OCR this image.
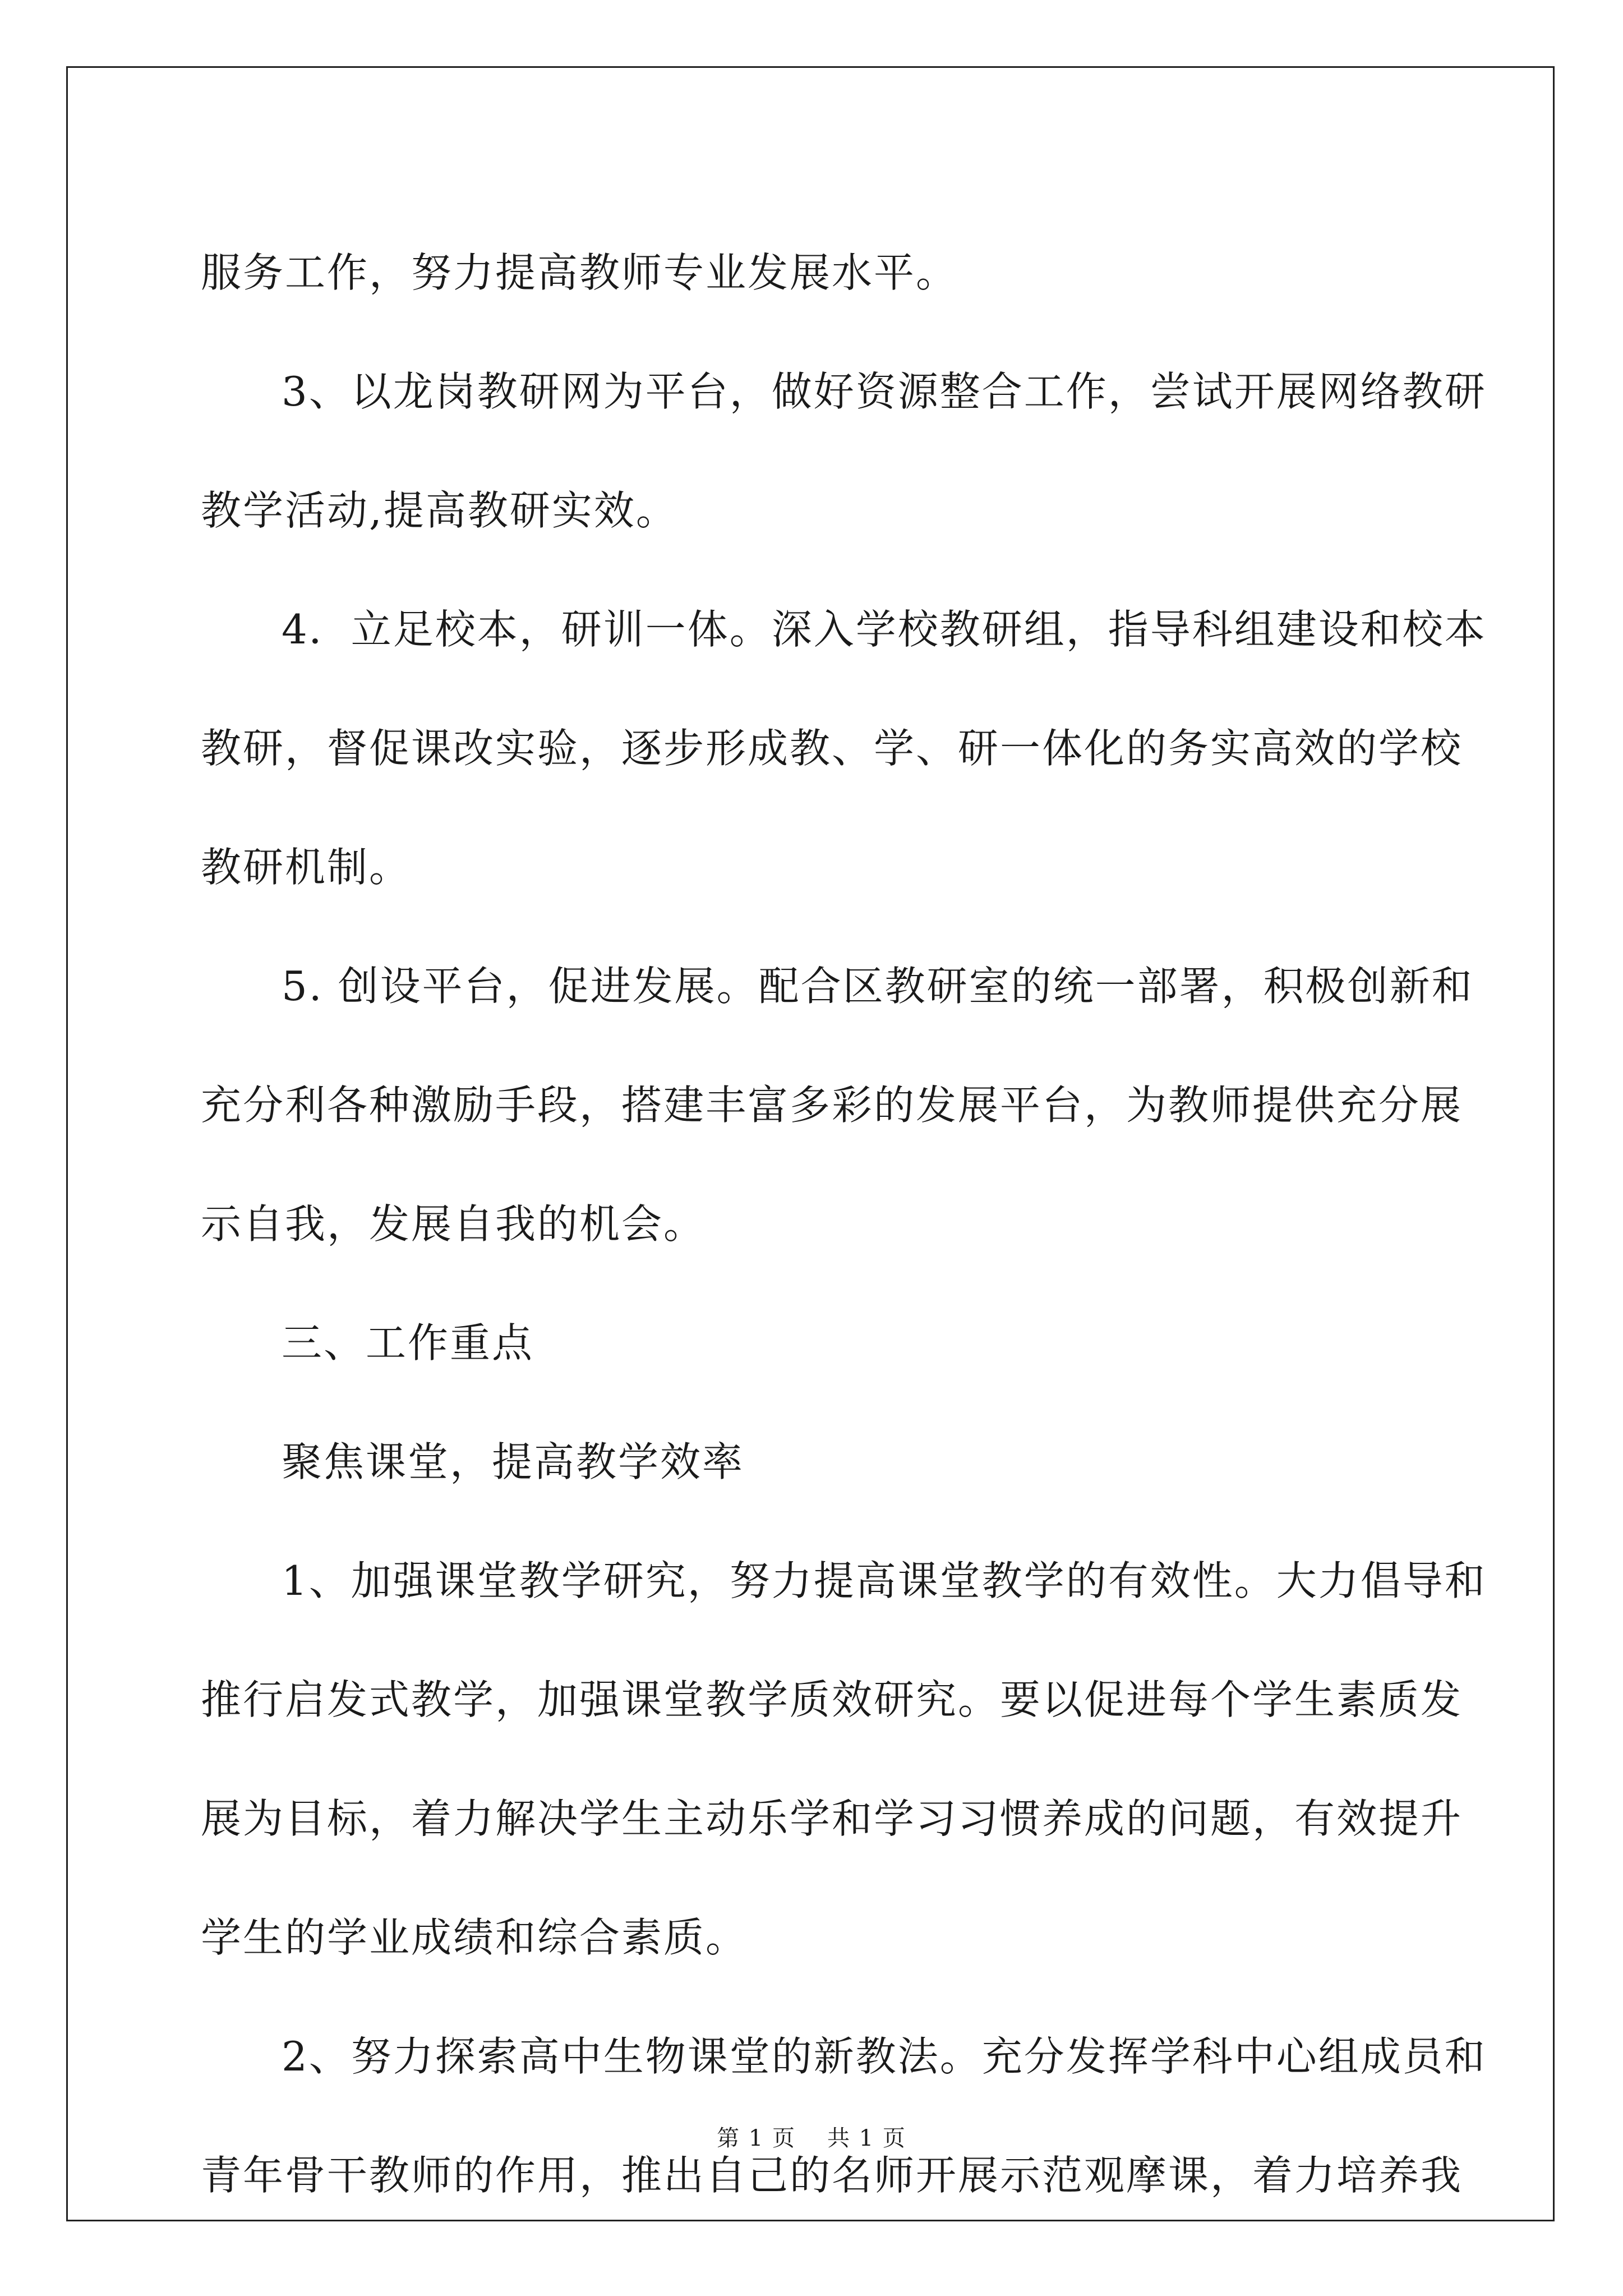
服务工作，努力提高教师专业发展水平。

3、以龙岗教研网为平台，做好资源整合工作，尝试开展网络教研

教学活动,提高教研实效。

4．立足校本，研训一体。深入学校教研组，指导科组建设和校本

教研，督促课改实验，逐步形成教、学、研一体化的务实高效的学校

教研机制。

5. 创设平台，促进发展。配合区教研室的统一部署，积极创新和

充分利各种激励手段，搭建丰富多彩的发展平台，为教师提供充分展

示自我，发展自我的机会。

三、工作重点

聚焦课堂，提高教学效率

1、加强课堂教学研究，努力提高课堂教学的有效性。大力倡导和

推行启发式教学，加强课堂教学质效研究。要以促进每个学生素质发

展为目标，着力解决学生主动乐学和学习习惯养成的问题，有效提升

学生的学业成绩和综合素质。

2、努力探索高中生物课堂的新教法。充分发挥学科中心组成员和

青年骨干教师的作用，推出自己的名师开展示范观摩课，着力培养我

第 1 页 共 1 页
